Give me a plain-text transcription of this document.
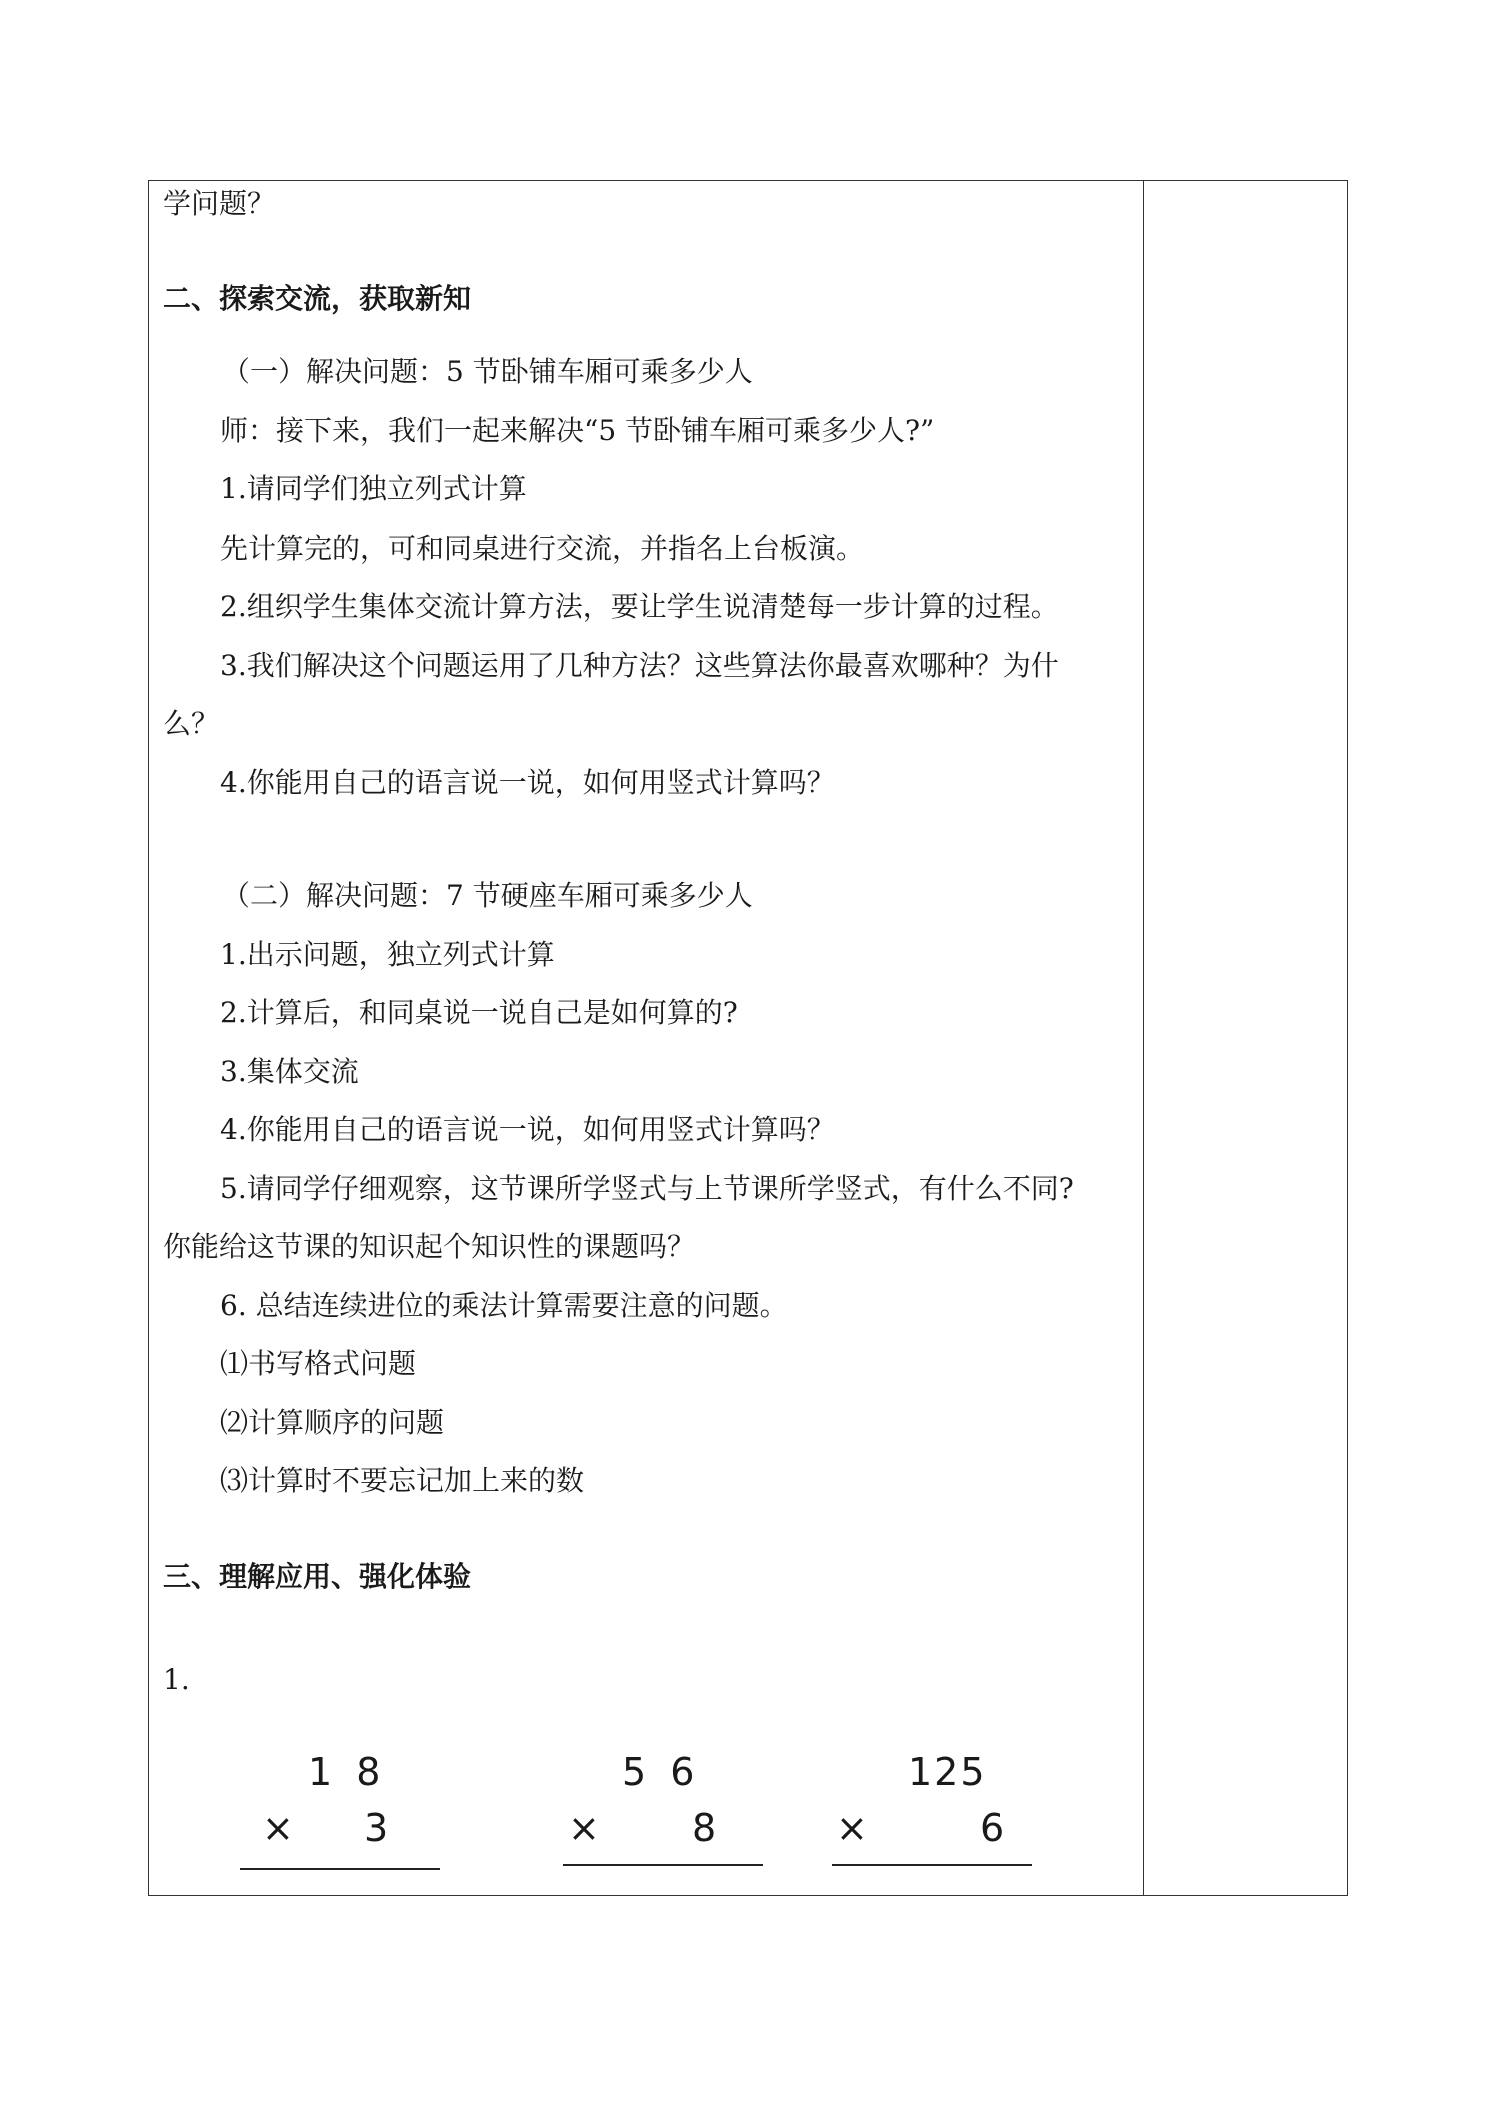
学问题？
二、探索交流，获取新知
（一）解决问题：5 节卧铺车厢可乘多少人
师：接下来，我们一起来解决“5 节卧铺车厢可乘多少人?”
1.请同学们独立列式计算
先计算完的，可和同桌进行交流，并指名上台板演。
2.组织学生集体交流计算方法，要让学生说清楚每一步计算的过程。
3.我们解决这个问题运用了几种方法？这些算法你最喜欢哪种？为什
么？
4.你能用自己的语言说一说，如何用竖式计算吗？
（二）解决问题：7 节硬座车厢可乘多少人
1.出示问题，独立列式计算
2.计算后，和同桌说一说自己是如何算的?
3.集体交流
4.你能用自己的语言说一说，如何用竖式计算吗？
5.请同学仔细观察，这节课所学竖式与上节课所学竖式，有什么不同?
你能给这节课的知识起个知识性的课题吗？
6. 总结连续进位的乘法计算需要注意的问题。
⑴书写格式问题
⑵计算顺序的问题
⑶计算时不要忘记加上来的数
三、理解应用、强化体验
1.
1 8
× 3
5 6
× 8
125
×	6
